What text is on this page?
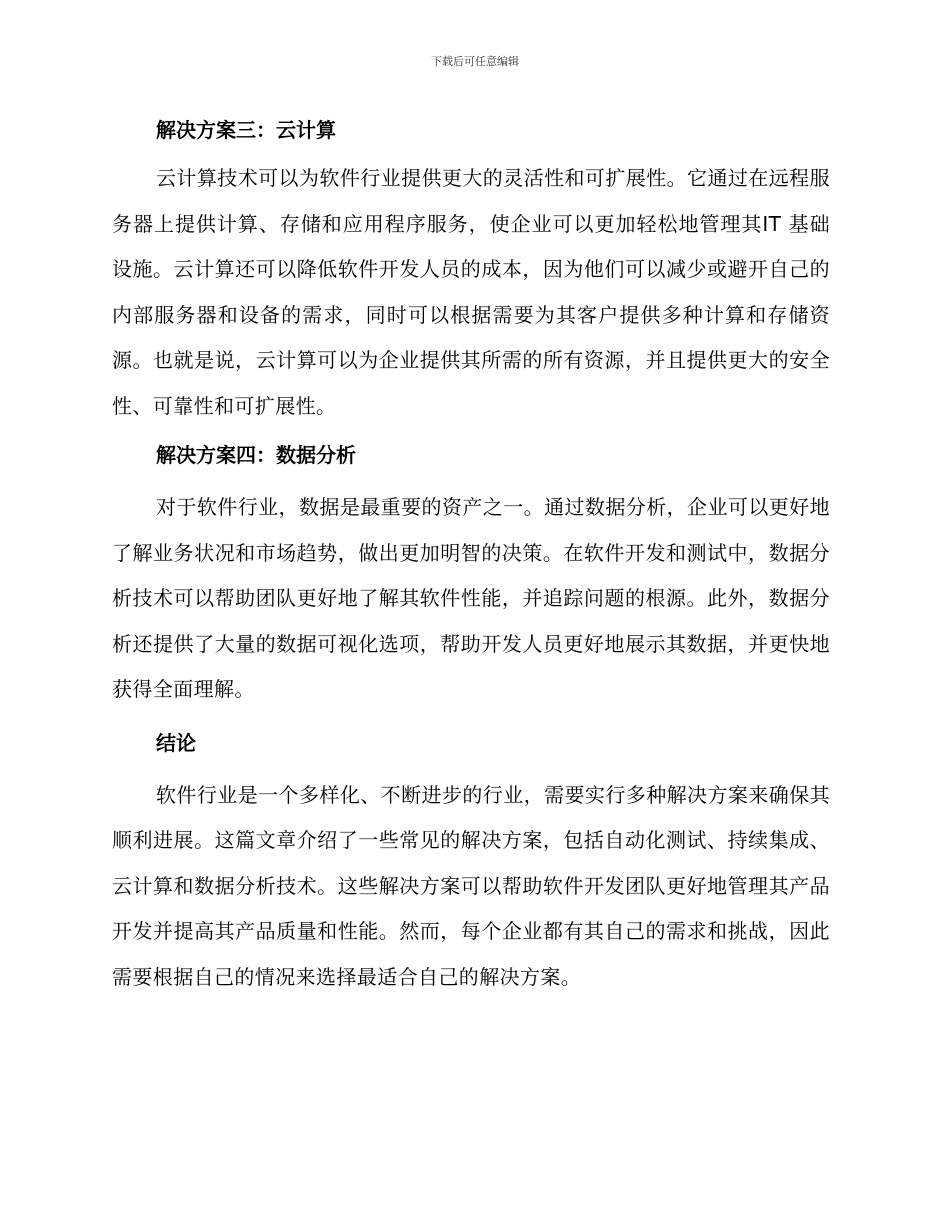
下载后可任意编辑
解决方案三：云计算

云计算技术可以为软件行业提供更大的灵活性和可扩展性。它通过在远程服务器上提供计算、存储和应用程序服务，使企业可以更加轻松地管理其IT 基础设施。云计算还可以降低软件开发人员的成本，因为他们可以减少或避开自己的内部服务器和设备的需求，同时可以根据需要为其客户提供多种计算和存储资源。也就是说，云计算可以为企业提供其所需的所有资源，并且提供更大的安全性、可靠性和可扩展性。

解决方案四：数据分析

对于软件行业，数据是最重要的资产之一。通过数据分析，企业可以更好地了解业务状况和市场趋势，做出更加明智的决策。在软件开发和测试中，数据分析技术可以帮助团队更好地了解其软件性能，并追踪问题的根源。此外，数据分析还提供了大量的数据可视化选项，帮助开发人员更好地展示其数据，并更快地获得全面理解。

结论

软件行业是一个多样化、不断进步的行业，需要实行多种解决方案来确保其顺利进展。这篇文章介绍了一些常见的解决方案，包括自动化测试、持续集成、云计算和数据分析技术。这些解决方案可以帮助软件开发团队更好地管理其产品开发并提高其产品质量和性能。然而，每个企业都有其自己的需求和挑战，因此需要根据自己的情况来选择最适合自己的解决方案。
